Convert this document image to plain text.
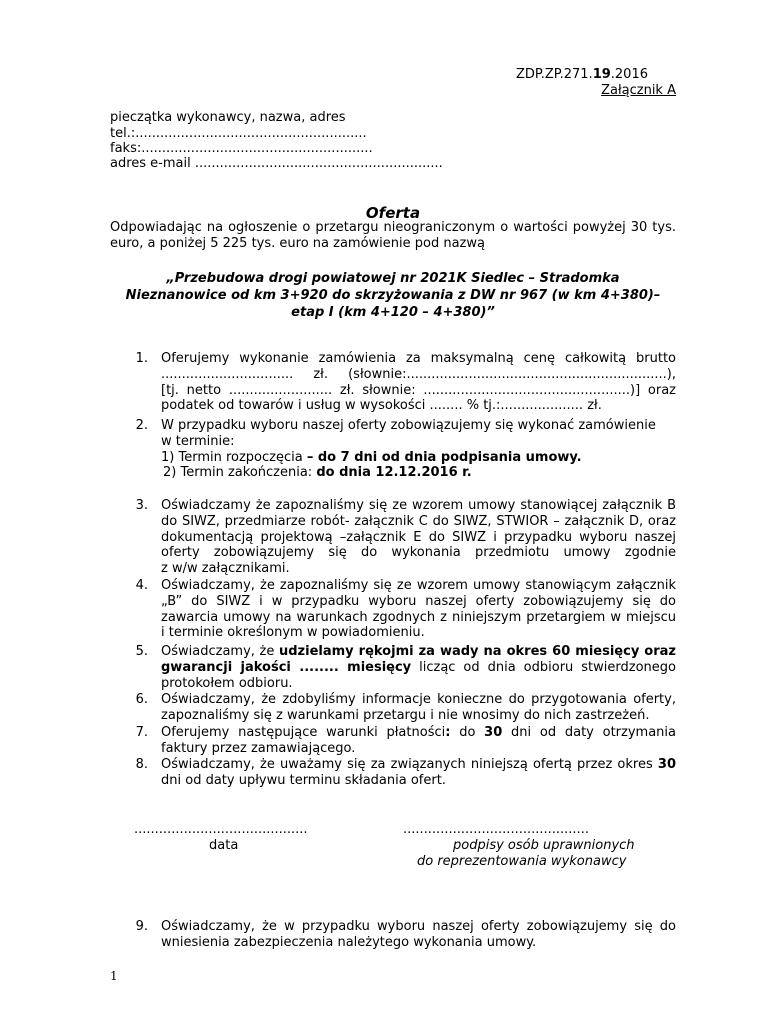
ZDP.ZP.271.19.2016
Załącznik A
pieczątka wykonawcy, nazwa, adres
tel.:........................................................
faks:........................................................
adres e-mail ............................................................
Oferta
Odpowiadając na ogłoszenie o przetargu nieograniczonym o wartości powyżej 30 tys.
euro, a poniżej 5 225 tys. euro na zamówienie pod nazwą
„Przebudowa drogi powiatowej nr 2021K Siedlec – Stradomka
Nieznanowice od km 3+920 do skrzyżowania z DW nr 967 (w km 4+380)–
etap I (km 4+120 – 4+380)”
1. Oferujemy wykonanie zamówienia za maksymalną cenę całkowitą brutto

................................ zł. (słownie:...............................................................),

[tj. netto ......................... zł. słownie: ..................................................)] oraz

podatek od towarów i usług w wysokości ........ % tj.:.................... zł.

2. W przypadku wyboru naszej oferty zobowiązujemy się wykonać zamówienie

w terminie:

1) Termin rozpoczęcia – do 7 dni od dnia podpisania umowy.

2) Termin zakończenia: do dnia 12.12.2016 r.

3. Oświadczamy że zapoznaliśmy się ze wzorem umowy stanowiącej załącznik B

do SIWZ, przedmiarze robót- załącznik C do SIWZ, STWIOR – załącznik D, oraz

dokumentacją projektową –załącznik E do SIWZ i przypadku wyboru naszej

oferty zobowiązujemy się do wykonania przedmiotu umowy zgodnie

z w/w załącznikami.

4. Oświadczamy, że zapoznaliśmy się ze wzorem umowy stanowiącym załącznik

„B” do SIWZ i w przypadku wyboru naszej oferty zobowiązujemy się do

zawarcia umowy na warunkach zgodnych z niniejszym przetargiem w miejscu

i terminie określonym w powiadomieniu.

5. Oświadczamy, że udzielamy rękojmi za wady na okres 60 miesięcy oraz

gwarancji jakości ........ miesięcy licząc od dnia odbioru stwierdzonego

protokołem odbioru.

6. Oświadczamy, że zdobyliśmy informacje konieczne do przygotowania oferty,

zapoznaliśmy się z warunkami przetargu i nie wnosimy do nich zastrzeżeń.

7. Oferujemy następujące warunki płatności: do 30 dni od daty otrzymania

faktury przez zamawiającego.

8. Oświadczamy, że uważamy się za związanych niniejszą ofertą przez okres 30

dni od daty upływu terminu składania ofert.

..........................................	.............................................
data	podpisy osób uprawnionych
do reprezentowania wykonawcy
9. Oświadczamy, że w przypadku wyboru naszej oferty zobowiązujemy się do

wniesienia zabezpieczenia należytego wykonania umowy.

1
